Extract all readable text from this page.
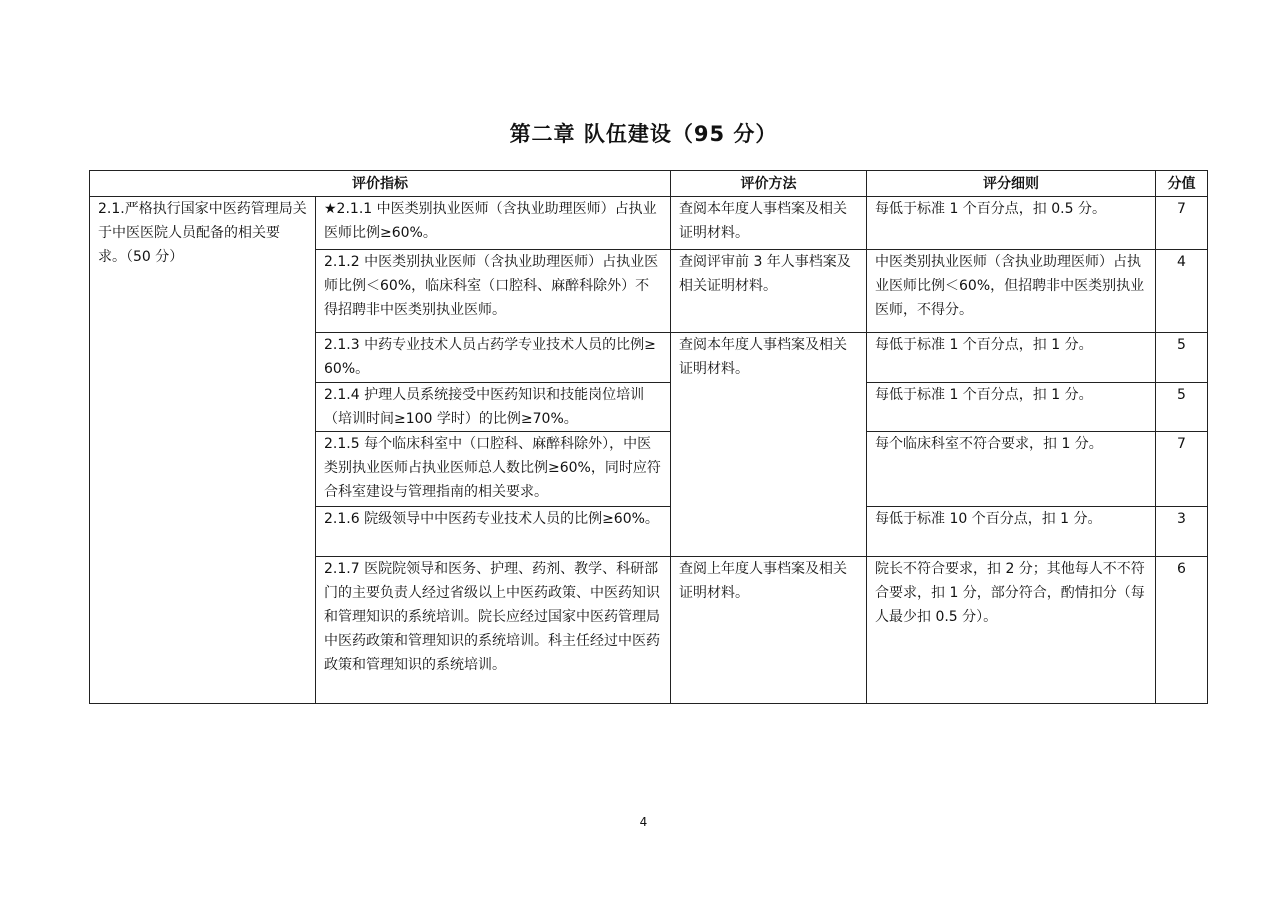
第二章 队伍建设（95 分）
评价指标		评价方法	评分细则	分值
2.1.严格执行国家中医药管理局关于中医医院人员配备的相关要求。（50 分）	★2.1.1 中医类别执业医师（含执业助理医师）占执业医师比例≥60%。	查阅本年度人事档案及相关证明材料。	每低于标准 1 个百分点，扣 0.5 分。	7
	2.1.2 中医类别执业医师（含执业助理医师）占执业医师比例＜60%，临床科室（口腔科、麻醉科除外）不得招聘非中医类别执业医师。	查阅评审前 3 年人事档案及相关证明材料。	中医类别执业医师（含执业助理医师）占执业医师比例＜60%，但招聘非中医类别执业医师，不得分。	4
	2.1.3 中药专业技术人员占药学专业技术人员的比例≥60%。	查阅本年度人事档案及相关证明材料。	每低于标准 1 个百分点，扣 1 分。	5
	2.1.4 护理人员系统接受中医药知识和技能岗位培训（培训时间≥100 学时）的比例≥70%。		每低于标准 1 个百分点，扣 1 分。	5
	2.1.5 每个临床科室中（口腔科、麻醉科除外），中医类别执业医师占执业医师总人数比例≥60%，同时应符合科室建设与管理指南的相关要求。		每个临床科室不符合要求，扣 1 分。	7
	2.1.6 院级领导中中医药专业技术人员的比例≥60%。		每低于标准 10 个百分点，扣 1 分。	3
	2.1.7 医院院领导和医务、护理、药剂、教学、科研部门的主要负责人经过省级以上中医药政策、中医药知识和管理知识的系统培训。院长应经过国家中医药管理局中医药政策和管理知识的系统培训。科主任经过中医药政策和管理知识的系统培训。	查阅上年度人事档案及相关证明材料。	院长不符合要求，扣 2 分；其他每人不不符合要求，扣 1 分，部分符合，酌情扣分（每人最少扣 0.5 分）。	6
4
